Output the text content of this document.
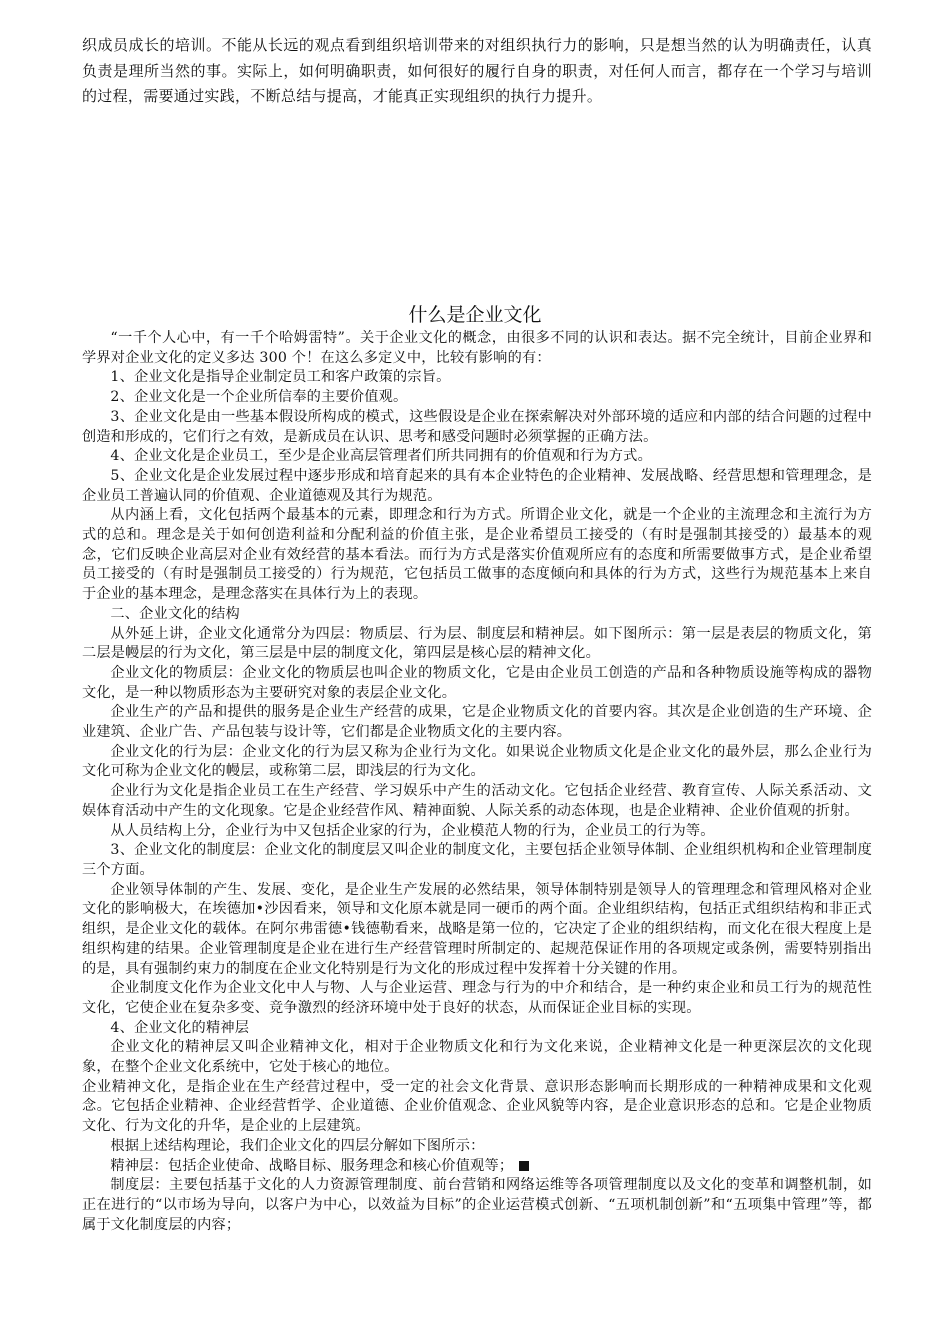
织成员成长的培训。不能从长远的观点看到组织培训带来的对组织执行力的影响，只是想当然的认为明确责任，认真负责是理所当然的事。实际上，如何明确职责，如何很好的履行自身的职责，对任何人而言，都存在一个学习与培训的过程，需要通过实践，不断总结与提高，才能真正实现组织的执行力提升。

什么是企业文化

“一千个人心中，有一千个哈姆雷特”。关于企业文化的概念，由很多不同的认识和表达。据不完全统计，目前企业界和学界对企业文化的定义多达 300 个！在这么多定义中，比较有影响的有：

1、企业文化是指导企业制定员工和客户政策的宗旨。

2、企业文化是一个企业所信奉的主要价值观。

3、企业文化是由一些基本假设所构成的模式，这些假设是企业在探索解决对外部环境的适应和内部的结合问题的过程中创造和形成的，它们行之有效，是新成员在认识、思考和感受问题时必须掌握的正确方法。

4、企业文化是企业员工，至少是企业高层管理者们所共同拥有的价值观和行为方式。

5、企业文化是企业发展过程中逐步形成和培育起来的具有本企业特色的企业精神、发展战略、经营思想和管理理念，是企业员工普遍认同的价值观、企业道德观及其行为规范。

从内涵上看，文化包括两个最基本的元素，即理念和行为方式。所谓企业文化，就是一个企业的主流理念和主流行为方式的总和。理念是关于如何创造利益和分配利益的价值主张，是企业希望员工接受的（有时是强制其接受的）最基本的观念，它们反映企业高层对企业有效经营的基本看法。而行为方式是落实价值观所应有的态度和所需要做事方式，是企业希望员工接受的（有时是强制员工接受的）行为规范，它包括员工做事的态度倾向和具体的行为方式，这些行为规范基本上来自于企业的基本理念，是理念落实在具体行为上的表现。

二、企业文化的结构

从外延上讲，企业文化通常分为四层：物质层、行为层、制度层和精神层。如下图所示：第一层是表层的物质文化，第二层是幔层的行为文化，第三层是中层的制度文化，第四层是核心层的精神文化。

企业文化的物质层：企业文化的物质层也叫企业的物质文化，它是由企业员工创造的产品和各种物质设施等构成的器物文化，是一种以物质形态为主要研究对象的表层企业文化。

企业生产的产品和提供的服务是企业生产经营的成果，它是企业物质文化的首要内容。其次是企业创造的生产环境、企业建筑、企业广告、产品包装与设计等，它们都是企业物质文化的主要内容。

企业文化的行为层：企业文化的行为层又称为企业行为文化。如果说企业物质文化是企业文化的最外层，那么企业行为文化可称为企业文化的幔层，或称第二层，即浅层的行为文化。

企业行为文化是指企业员工在生产经营、学习娱乐中产生的活动文化。它包括企业经营、教育宣传、人际关系活动、文娱体育活动中产生的文化现象。它是企业经营作风、精神面貌、人际关系的动态体现，也是企业精神、企业价值观的折射。

从人员结构上分，企业行为中又包括企业家的行为，企业模范人物的行为，企业员工的行为等。

3、企业文化的制度层：企业文化的制度层又叫企业的制度文化，主要包括企业领导体制、企业组织机构和企业管理制度三个方面。

企业领导体制的产生、发展、变化，是企业生产发展的必然结果，领导体制特别是领导人的管理理念和管理风格对企业文化的影响极大，在埃德加•沙因看来，领导和文化原本就是同一硬币的两个面。企业组织结构，包括正式组织结构和非正式组织，是企业文化的载体。在阿尔弗雷德•钱德勒看来，战略是第一位的，它决定了企业的组织结构，而文化在很大程度上是组织构建的结果。企业管理制度是企业在进行生产经营管理时所制定的、起规范保证作用的各项规定或条例，需要特别指出的是，具有强制约束力的制度在企业文化特别是行为文化的形成过程中发挥着十分关键的作用。

企业制度文化作为企业文化中人与物、人与企业运营、理念与行为的中介和结合，是一种约束企业和员工行为的规范性文化，它使企业在复杂多变、竞争激烈的经济环境中处于良好的状态，从而保证企业目标的实现。

4、企业文化的精神层

企业文化的精神层又叫企业精神文化，相对于企业物质文化和行为文化来说，企业精神文化是一种更深层次的文化现象，在整个企业文化系统中，它处于核心的地位。

企业精神文化，是指企业在生产经营过程中，受一定的社会文化背景、意识形态影响而长期形成的一种精神成果和文化观念。它包括企业精神、企业经营哲学、企业道德、企业价值观念、企业风貌等内容，是企业意识形态的总和。它是企业物质文化、行为文化的升华，是企业的上层建筑。

根据上述结构理论，我们企业文化的四层分解如下图所示：

精神层：包括企业使命、战略目标、服务理念和核心价值观等；

制度层：主要包括基于文化的人力资源管理制度、前台营销和网络运维等各项管理制度以及文化的变革和调整机制，如正在进行的“以市场为导向，以客户为中心，以效益为目标”的企业运营模式创新、“五项机制创新”和“五项集中管理”等，都属于文化制度层的内容；
